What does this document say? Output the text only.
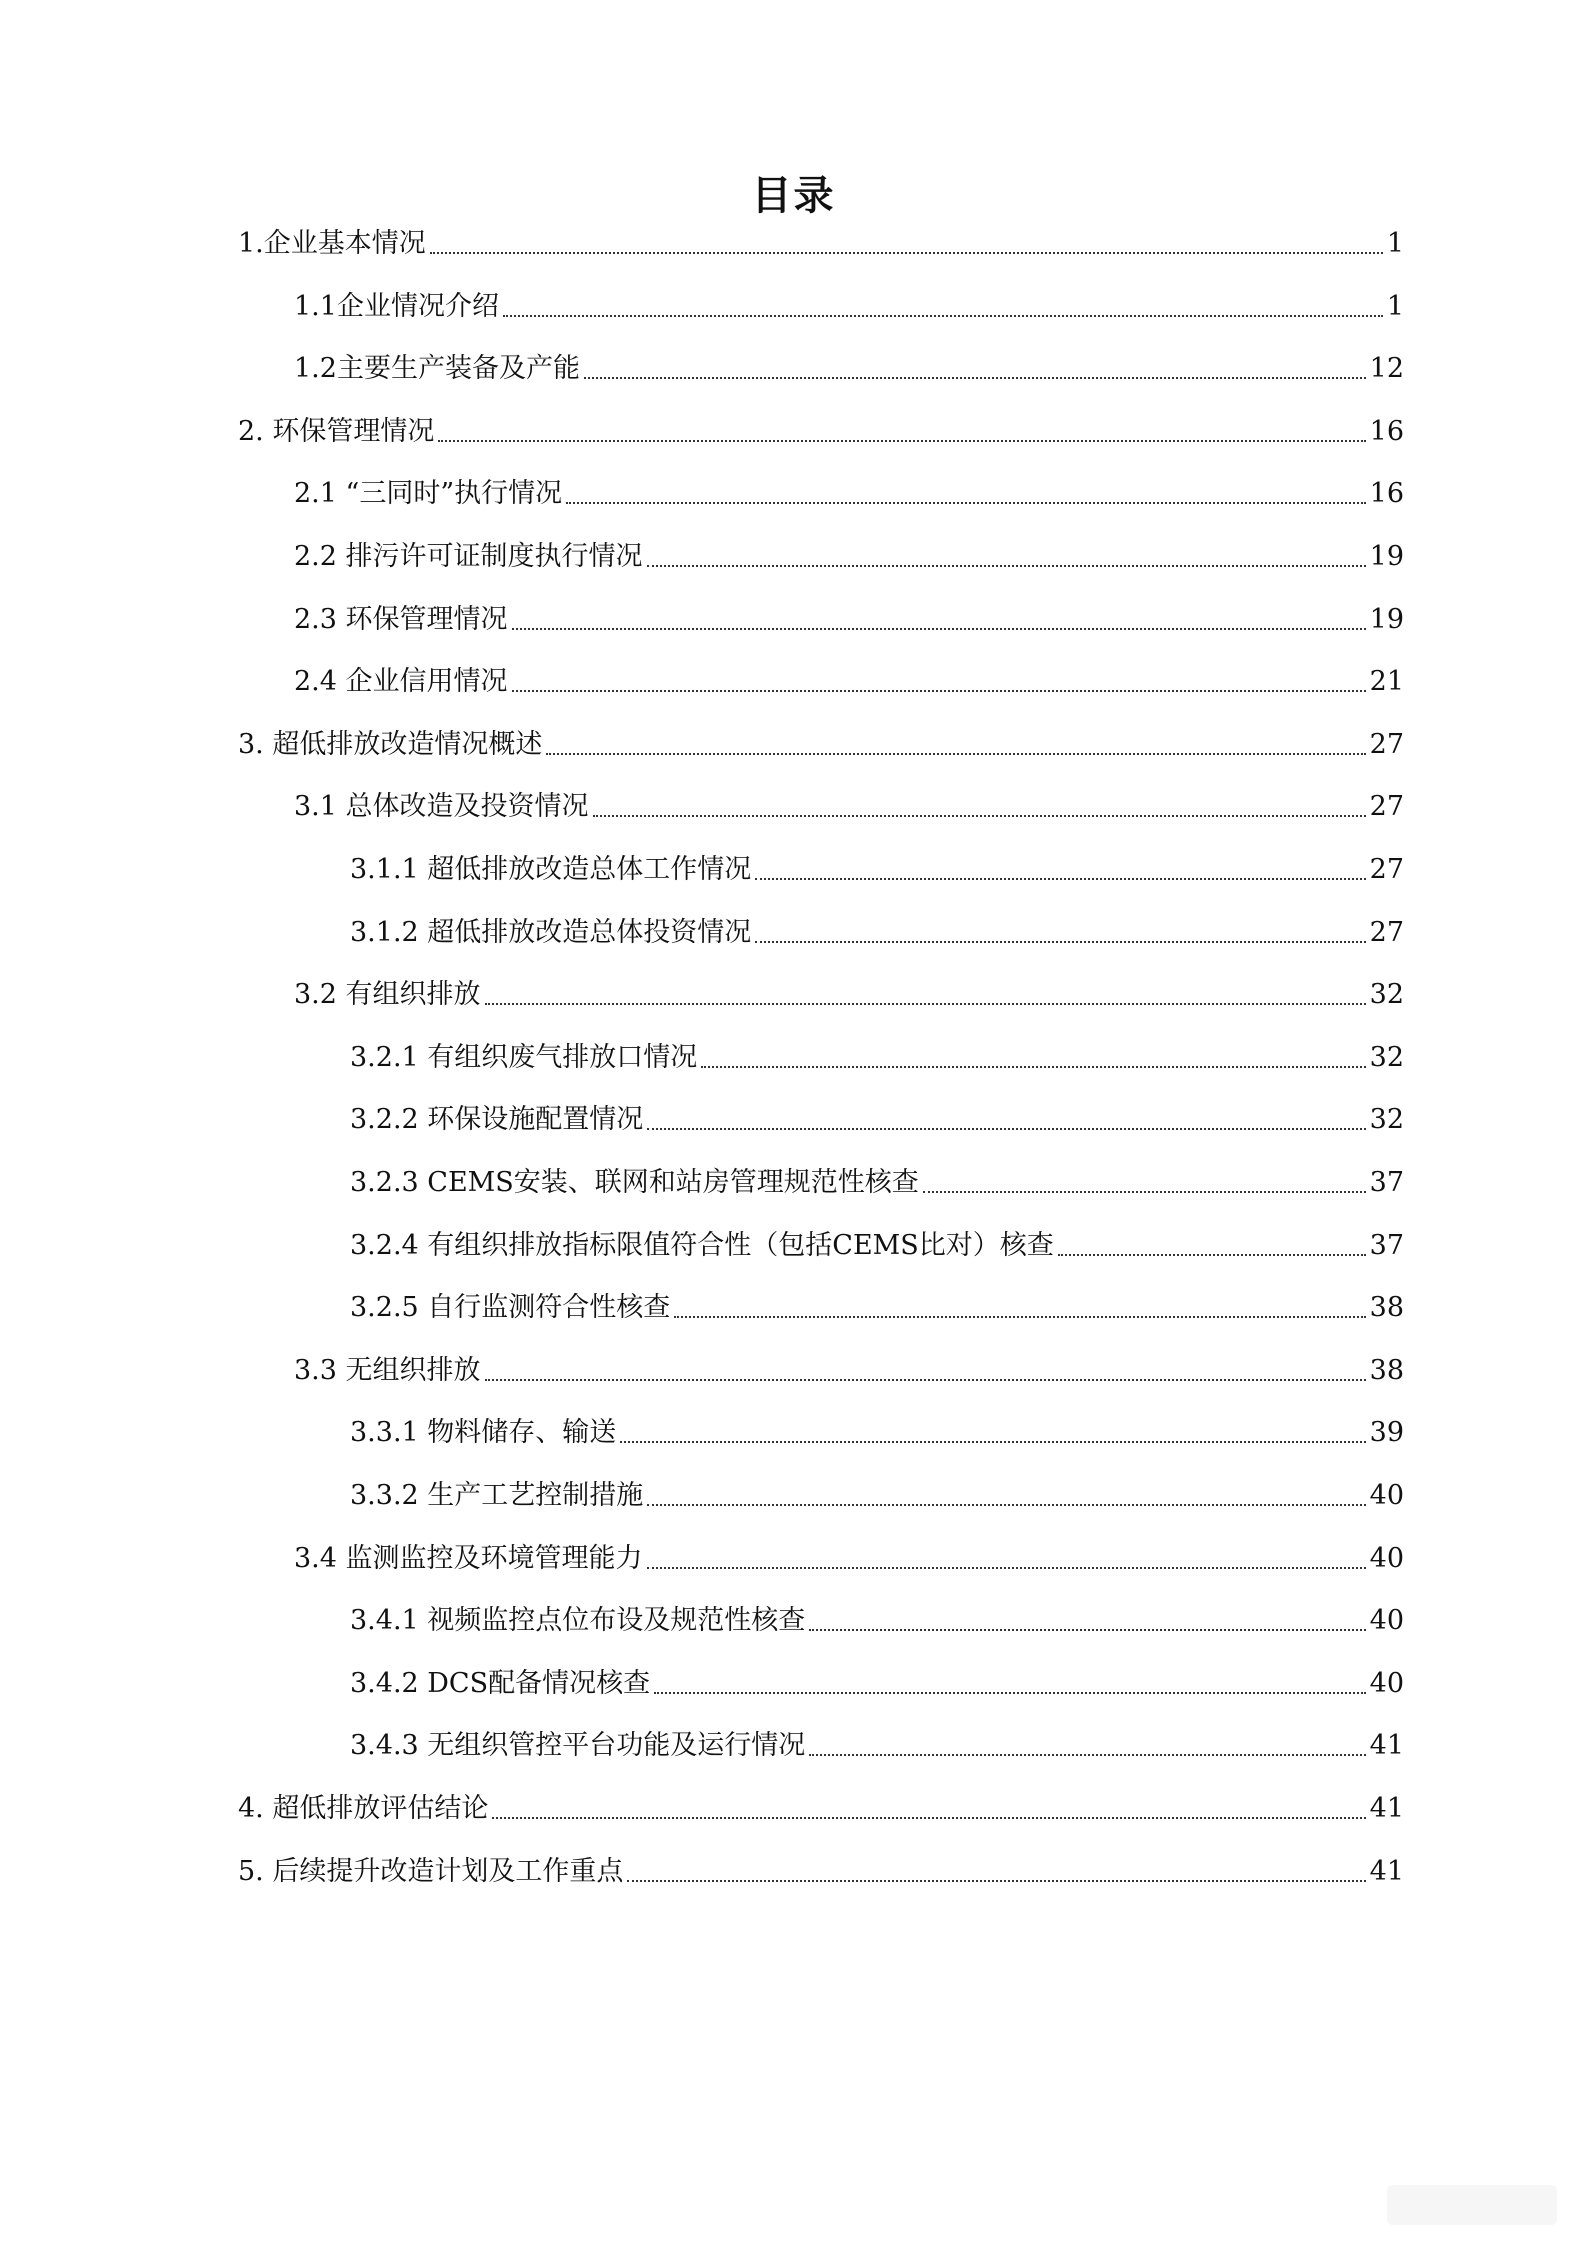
目录
1.企业基本情况	1
1.1企业情况介绍	1
1.2主要生产装备及产能	12
2. 环保管理情况	16
2.1 “三同时”执行情况	16
2.2 排污许可证制度执行情况	19
2.3 环保管理情况	19
2.4 企业信用情况	21
3. 超低排放改造情况概述	27
3.1 总体改造及投资情况	27
3.1.1 超低排放改造总体工作情况	27
3.1.2 超低排放改造总体投资情况	27
3.2 有组织排放	32
3.2.1 有组织废气排放口情况	32
3.2.2 环保设施配置情况	32
3.2.3 CEMS安装、联网和站房管理规范性核查	37
3.2.4 有组织排放指标限值符合性（包括CEMS比对）核查	37
3.2.5 自行监测符合性核查	38
3.3 无组织排放	38
3.3.1 物料储存、输送	39
3.3.2 生产工艺控制措施	40
3.4 监测监控及环境管理能力	40
3.4.1 视频监控点位布设及规范性核查	40
3.4.2 DCS配备情况核查	40
3.4.3 无组织管控平台功能及运行情况	41
4. 超低排放评估结论	41
5. 后续提升改造计划及工作重点	41
